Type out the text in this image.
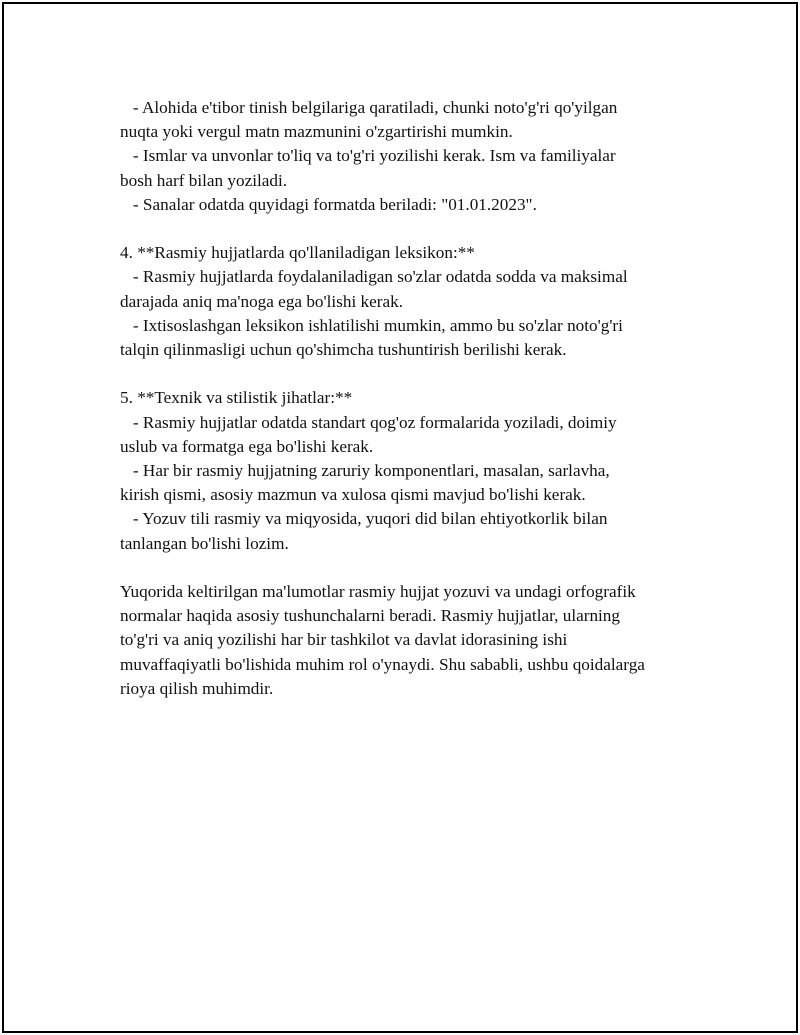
- Alohida e'tibor tinish belgilariga qaratiladi, chunki noto'g'ri qo'yilgan
nuqta yoki vergul matn mazmunini o'zgartirishi mumkin.
- Ismlar va unvonlar to'liq va to'g'ri yozilishi kerak. Ism va familiyalar
bosh harf bilan yoziladi.
- Sanalar odatda quyidagi formatda beriladi: "01.01.2023".
4. **Rasmiy hujjatlarda qo'llaniladigan leksikon:**
- Rasmiy hujjatlarda foydalaniladigan so'zlar odatda sodda va maksimal
darajada aniq ma'noga ega bo'lishi kerak.
- Ixtisoslashgan leksikon ishlatilishi mumkin, ammo bu so'zlar noto'g'ri
talqin qilinmasligi uchun qo'shimcha tushuntirish berilishi kerak.
5. **Texnik va stilistik jihatlar:**
- Rasmiy hujjatlar odatda standart qog'oz formalarida yoziladi, doimiy
uslub va formatga ega bo'lishi kerak.
- Har bir rasmiy hujjatning zaruriy komponentlari, masalan, sarlavha,
kirish qismi, asosiy mazmun va xulosa qismi mavjud bo'lishi kerak.
- Yozuv tili rasmiy va miqyosida, yuqori did bilan ehtiyotkorlik bilan
tanlangan bo'lishi lozim.
Yuqorida keltirilgan ma'lumotlar rasmiy hujjat yozuvi va undagi orfografik
normalar haqida asosiy tushunchalarni beradi. Rasmiy hujjatlar, ularning
to'g'ri va aniq yozilishi har bir tashkilot va davlat idorasining ishi
muvaffaqiyatli bo'lishida muhim rol o'ynaydi. Shu sababli, ushbu qoidalarga
rioya qilish muhimdir.
